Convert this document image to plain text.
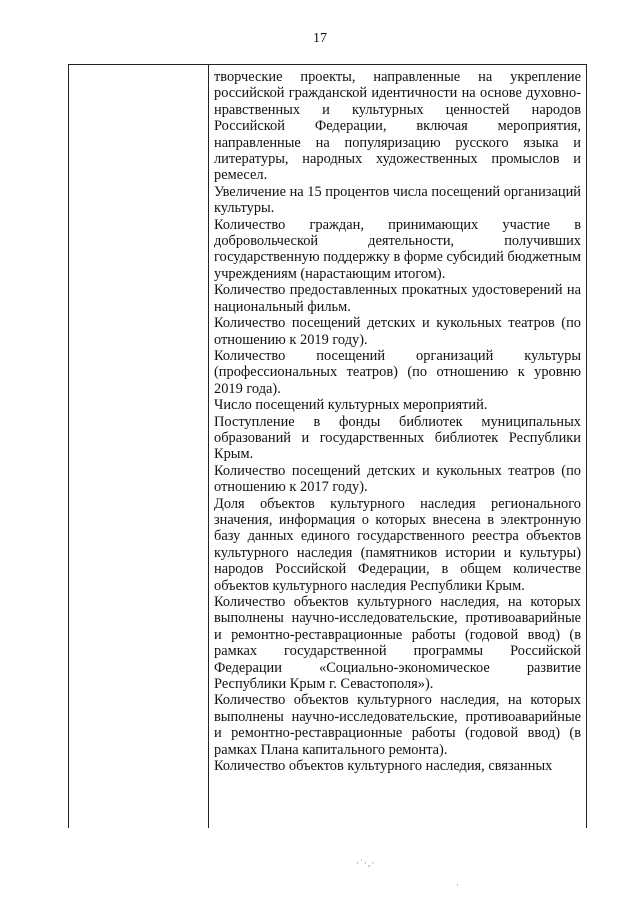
17

творческие проекты, направленные на укрепление российской гражданской идентичности на основе духовно-нравственных и культурных ценностей народов Российской Федерации, включая мероприятия, направленные на популяризацию русского языка и литературы, народных художественных промыслов и ремесел.

Увеличение на 15 процентов числа посещений организаций культуры.

Количество граждан, принимающих участие в добровольческой деятельности, получивших государственную поддержку в форме субсидий бюджетным учреждениям (нарастающим итогом).

Количество предоставленных прокатных удостоверений на национальный фильм.

Количество посещений детских и кукольных театров (по отношению к 2019 году).

Количество посещений организаций культуры (профессиональных театров) (по отношению к уровню 2019 года).

Число посещений культурных мероприятий.

Поступление в фонды библиотек муниципальных образований и государственных библиотек Республики Крым.

Количество посещений детских и кукольных театров (по отношению к 2017 году).

Доля объектов культурного наследия регионального значения, информация о которых внесена в электронную базу данных единого государственного реестра объектов культурного наследия (памятников истории и культуры) народов Российской Федерации, в общем количестве объектов культурного наследия Республики Крым.

Количество объектов культурного наследия, на которых выполнены научно-исследовательские, противоаварийные и ремонтно-реставрационные работы (годовой ввод) (в рамках государственной программы Российской Федерации «Социально-экономическое развитие Республики Крым г. Севастополя»).

Количество объектов культурного наследия, на которых выполнены научно-исследовательские, противоаварийные и ремонтно-реставрационные работы (годовой ввод) (в рамках Плана капитального ремонта).

Количество объектов культурного наследия, связанных

·˙·,·
·
